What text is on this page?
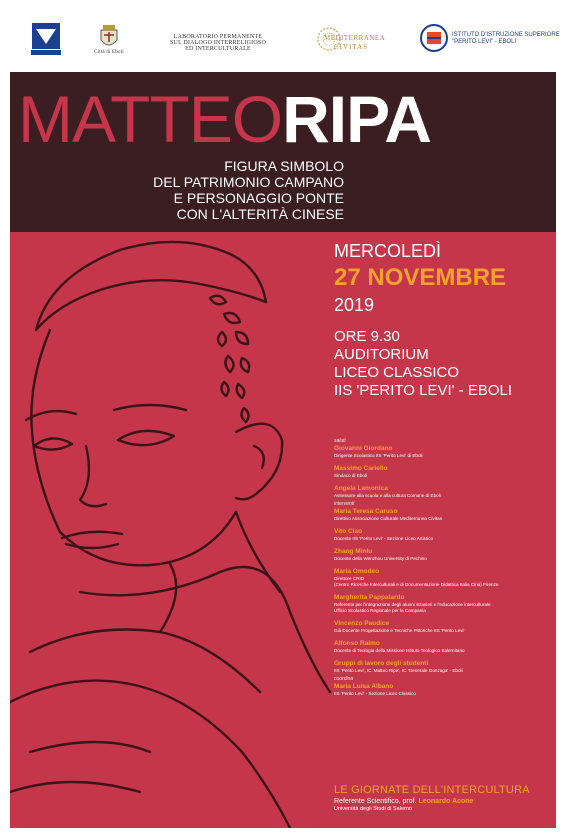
REGIONE CAMPANIA
Città di Eboli
LABORATORIO PERMANENTE
SUL DIALOGO INTERRELIGIOSO
ED INTERCULTURALE
MEDITERRANEA
CIVITAS
ISTITUTO D'ISTRUZIONE SUPERIORE
"PERITO LEVI" - EBOLI
MATTEORIPA
FIGURA SIMBOLO
DEL PATRIMONIO CAMPANO
E PERSONAGGIO PONTE
CON L'ALTERITÀ CINESE
MERCOLEDÌ
27 NOVEMBRE
2019
ORE 9.30
AUDITORIUM
LICEO CLASSICO
IIS 'PERITO LEVI' - EBOLI
saluti
Giovanni Giordano
Dirigente Scolastico IIS 'Perito Levi' di Eboli
Massimo Cariello
Sindaco di Eboli
Angela Lamonica
Assessore alla scuola e alla cultura Comune di Eboli
interventi
Maria Teresa Caruso
Direttivo Associazione Culturale Mediterranea Civitas
Vito Ciao
Docente IIS 'Perito Levi' - Sezione Liceo Artistico
Zhang Minlu
Docente della Wenzhou University di Pechino
Maria Omodeo
Direttore CRID
(Centro Ricerche Interculturali e di Documentazione Didattica Italia Cina) Firenze
Margherita Pappalardo
Referente per l'integrazione degli alunni stranieri e l'educazione interculturale
Ufficio Scolastico Regionale per la Campania
Vincenzo Paudice
Già Docente Progettazione e Tecniche Pittoriche IIS 'Perito Levi'
Alfonso Raimo
Docente di Teologia della Missione Istituto Teologico Salernitano
Gruppi di lavoro degli studenti
IIS 'Perito Levi', IC 'Matteo Ripa', IC 'Generale Gonzaga' - Eboli
coordina
Maria Luisa Albano
IIS 'Perito Levi' - Sezione Liceo Classico
LE GIORNATE DELL'INTERCULTURA
Referente Scientifico, prof. Leonardo Acone
Università degli Studi di Salerno
